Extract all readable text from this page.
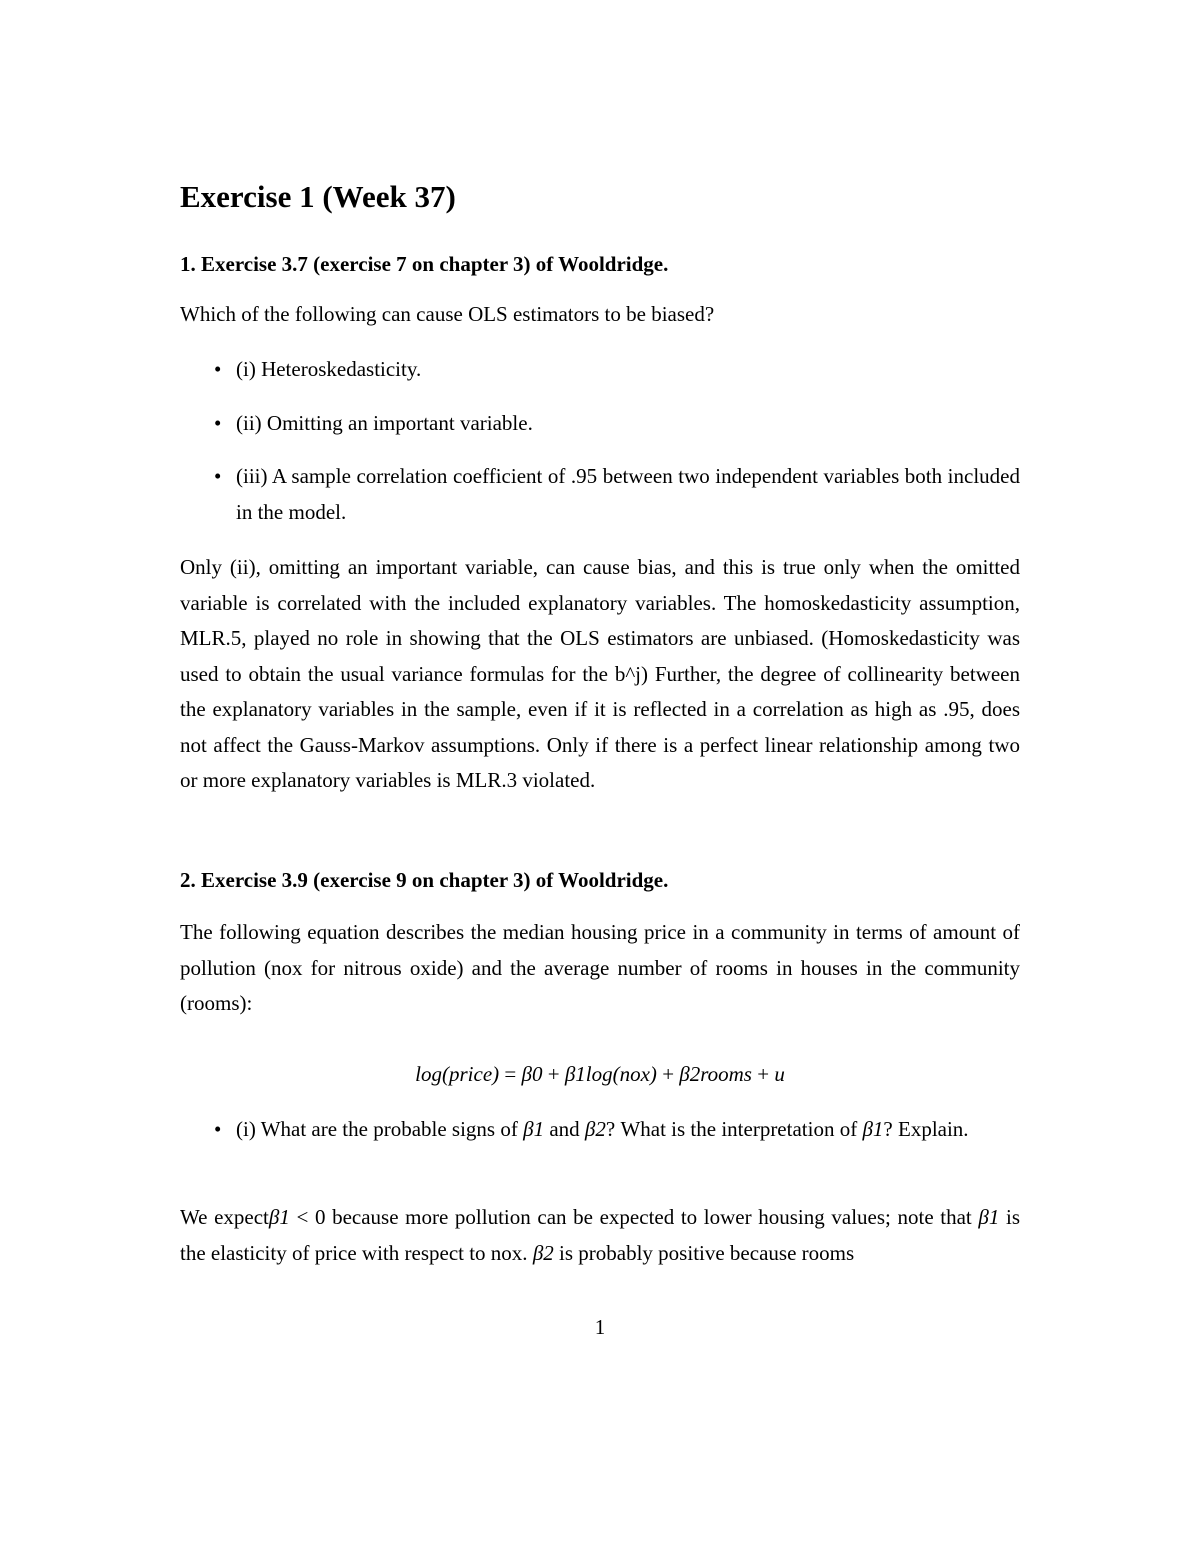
Exercise 1 (Week 37)
1. Exercise 3.7 (exercise 7 on chapter 3) of Wooldridge.

Which of the following can cause OLS estimators to be biased?

• (i) Heteroskedasticity.
• (ii) Omitting an important variable.
• (iii) A sample correlation coefficient of .95 between two independent variables both included in the model.

Only (ii), omitting an important variable, can cause bias, and this is true only when the omitted variable is correlated with the included explanatory variables. The homoskedasticity assumption, MLR.5, played no role in showing that the OLS estimators are unbiased. (Homoskedasticity was used to obtain the usual variance formulas for the b^j) Further, the degree of collinearity between the explanatory variables in the sample, even if it is reflected in a correlation as high as .95, does not affect the Gauss-Markov assumptions. Only if there is a perfect linear relationship among two or more explanatory variables is MLR.3 violated.

2. Exercise 3.9 (exercise 9 on chapter 3) of Wooldridge.

The following equation describes the median housing price in a community in terms of amount of pollution (nox for nitrous oxide) and the average number of rooms in houses in the community (rooms):

log(price) = β0 + β1log(nox) + β2rooms + u
• (i) What are the probable signs of β1 and β2? What is the interpretation of β1? Explain.

We expectβ1 < 0 because more pollution can be expected to lower housing values; note that β1 is the elasticity of price with respect to nox. β2 is probably positive because rooms

1
